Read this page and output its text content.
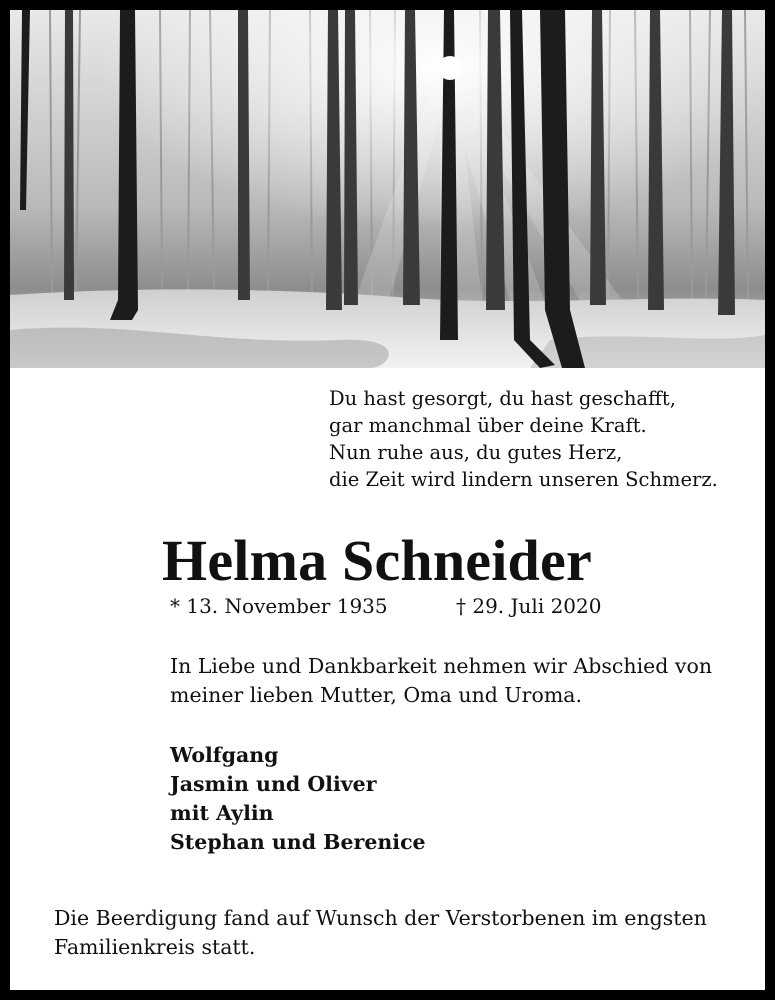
Du hast gesorgt, du hast geschafft,
gar manchmal über deine Kraft.
Nun ruhe aus, du gutes Herz,
die Zeit wird lindern unseren Schmerz.
Helma Schneider
* 13. November 1935	† 29. Juli 2020
In Liebe und Dankbarkeit nehmen wir Abschied von meiner lieben Mutter, Oma und Uroma.
Wolfgang
Jasmin und Oliver
mit Aylin
Stephan und Berenice
Die Beerdigung fand auf Wunsch der Verstorbenen im engsten Familienkreis statt.
